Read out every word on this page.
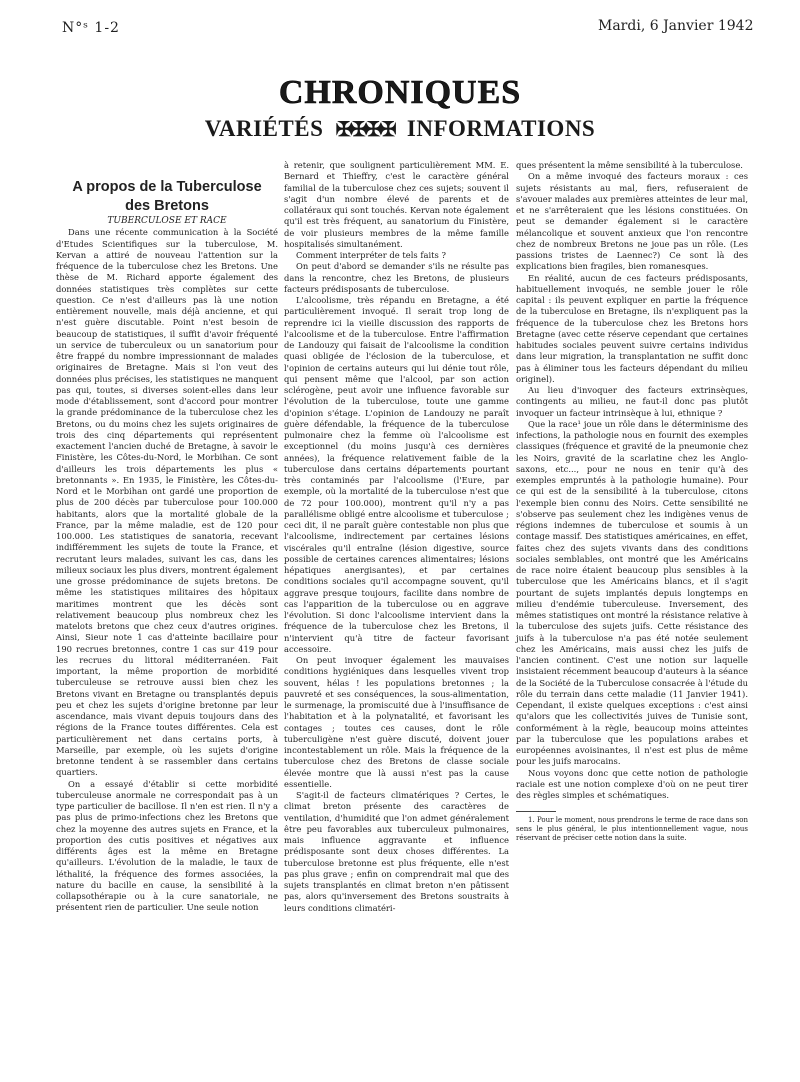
N°ˢ 1-2	Mardi, 6 Janvier 1942
CHRONIQUES
VARIÉTÉS ✠✠✠✠ INFORMATIONS

A propos de la Tuberculose
des Bretons

TUBERCULOSE ET RACE

Dans une récente communication à la Société d'Etudes Scientifiques sur la tuberculose, M. Kervan a attiré de nouveau l'attention sur la fréquence de la tuberculose chez les Bretons. Une thèse de M. Richard apporte également des données statistiques très complètes sur cette question. Ce n'est d'ailleurs pas là une notion entièrement nouvelle, mais déjà ancienne, et qui n'est guère discutable. Point n'est besoin de beaucoup de statistiques, il suffit d'avoir fréquenté un service de tuberculeux ou un sanatorium pour être frappé du nombre impressionnant de malades originaires de Bretagne. Mais si l'on veut des données plus précises, les statistiques ne manquent pas qui, toutes, si diverses soient-elles dans leur mode d'établissement, sont d'accord pour montrer la grande prédominance de la tuberculose chez les Bretons, ou du moins chez les sujets originaires de trois des cinq départements qui représentent exactement l'ancien duché de Bretagne, à savoir le Finistère, les Côtes-du-Nord, le Morbihan. Ce sont d'ailleurs les trois départements les plus « bretonnants ». En 1935, le Finistère, les Côtes-du-Nord et le Morbihan ont gardé une proportion de plus de 200 décès par tuberculose pour 100.000 habitants, alors que la mortalité globale de la France, par la même maladie, est de 120 pour 100.000. Les statistiques de sanatoria, recevant indifféremment les sujets de toute la France, et recrutant leurs malades, suivant les cas, dans les milieux sociaux les plus divers, montrent également une grosse prédominance de sujets bretons. De même les statistiques militaires des hôpitaux maritimes montrent que les décès sont relativement beaucoup plus nombreux chez les matelots bretons que chez ceux d'autres origines. Ainsi, Sieur note 1 cas d'atteinte bacillaire pour 190 recrues bretonnes, contre 1 cas sur 419 pour les recrues du littoral méditerranéen. Fait important, la même proportion de morbidité tuberculeuse se retrouve aussi bien chez les Bretons vivant en Bretagne ou transplantés depuis peu et chez les sujets d'origine bretonne par leur ascendance, mais vivant depuis toujours dans des régions de la France toutes différentes. Cela est particulièrement net dans certains ports, à Marseille, par exemple, où les sujets d'origine bretonne tendent à se rassembler dans certains quartiers.

On a essayé d'établir si cette morbidité tuberculeuse anormale ne correspondait pas à un type particulier de bacillose. Il n'en est rien. Il n'y a pas plus de primo-infections chez les Bretons que chez la moyenne des autres sujets en France, et la proportion des cutis positives et négatives aux différents âges est la même en Bretagne qu'ailleurs. L'évolution de la maladie, le taux de léthalité, la fréquence des formes associées, la nature du bacille en cause, la sensibilité à la collapsothérapie ou à la cure sanatoriale, ne présentent rien de particulier. Une seule notion

à retenir, que soulignent particulièrement MM. E. Bernard et Thieffry, c'est le caractère général familial de la tuberculose chez ces sujets; souvent il s'agit d'un nombre élevé de parents et de collatéraux qui sont touchés. Kervan note également qu'il est très fréquent, au sanatorium du Finistère, de voir plusieurs membres de la même famille hospitalisés simultanément.

Comment interpréter de tels faits ?

On peut d'abord se demander s'ils ne résulte pas dans la rencontre, chez les Bretons, de plusieurs facteurs prédisposants de tuberculose.

L'alcoolisme, très répandu en Bretagne, a été particulièrement invoqué. Il serait trop long de reprendre ici la vieille discussion des rapports de l'alcoolisme et de la tuberculose. Entre l'affirmation de Landouzy qui faisait de l'alcoolisme la condition quasi obligée de l'éclosion de la tuberculose, et l'opinion de certains auteurs qui lui dénie tout rôle, qui pensent même que l'alcool, par son action sclérogène, peut avoir une influence favorable sur l'évolution de la tuberculose, toute une gamme d'opinion s'étage. L'opinion de Landouzy ne paraît guère défendable, la fréquence de la tuberculose pulmonaire chez la femme où l'alcoolisme est exceptionnel (du moins jusqu'à ces dernières années), la fréquence relativement faible de la tuberculose dans certains départements pourtant très contaminés par l'alcoolisme (l'Eure, par exemple, où la mortalité de la tuberculose n'est que de 72 pour 100.000), montrent qu'il n'y a pas parallélisme obligé entre alcoolisme et tuberculose ; ceci dit, il ne paraît guère contestable non plus que l'alcoolisme, indirectement par certaines lésions viscérales qu'il entraîne (lésion digestive, source possible de certaines carences alimentaires; lésions hépatiques anergisantes), et par certaines conditions sociales qu'il accompagne souvent, qu'il aggrave presque toujours, facilite dans nombre de cas l'apparition de la tuberculose ou en aggrave l'évolution. Si donc l'alcoolisme intervient dans la fréquence de la tuberculose chez les Bretons, il n'intervient qu'à titre de facteur favorisant accessoire.

On peut invoquer également les mauvaises conditions hygiéniques dans lesquelles vivent trop souvent, hélas ! les populations bretonnes ; la pauvreté et ses conséquences, la sous-alimentation, le surmenage, la promiscuité due à l'insuffisance de l'habitation et à la polynatalité, et favorisant les contages ; toutes ces causes, dont le rôle tuberculigène n'est guère discuté, doivent jouer incontestablement un rôle. Mais la fréquence de la tuberculose chez des Bretons de classe sociale élevée montre que là aussi n'est pas la cause essentielle.

S'agit-il de facteurs climatériques ? Certes, le climat breton présente des caractères de ventilation, d'humidité que l'on admet généralement être peu favorables aux tuberculeux pulmonaires, mais influence aggravante et influence prédisposante sont deux choses différentes. La tuberculose bretonne est plus fréquente, elle n'est pas plus grave ; enfin on comprendrait mal que des sujets transplantés en climat breton n'en pâtissent pas, alors qu'inversement des Bretons soustraits à leurs conditions climatéri-

ques présentent la même sensibilité à la tuberculose.

On a même invoqué des facteurs moraux : ces sujets résistants au mal, fiers, refuseraient de s'avouer malades aux premières atteintes de leur mal, et ne s'arrêteraient que les lésions constituées. On peut se demander également si le caractère mélancolique et souvent anxieux que l'on rencontre chez de nombreux Bretons ne joue pas un rôle. (Les passions tristes de Laennec?) Ce sont là des explications bien fragiles, bien romanesques.

En réalité, aucun de ces facteurs prédisposants, habituellement invoqués, ne semble jouer le rôle capital : ils peuvent expliquer en partie la fréquence de la tuberculose en Bretagne, ils n'expliquent pas la fréquence de la tuberculose chez les Bretons hors Bretagne (avec cette réserve cependant que certaines habitudes sociales peuvent suivre certains individus dans leur migration, la transplantation ne suffit donc pas à éliminer tous les facteurs dépendant du milieu originel).

Au lieu d'invoquer des facteurs extrinsèques, contingents au milieu, ne faut-il donc pas plutôt invoquer un facteur intrinsèque à lui, ethnique ?

Que la race¹ joue un rôle dans le déterminisme des infections, la pathologie nous en fournit des exemples classiques (fréquence et gravité de la pneumonie chez les Noirs, gravité de la scarlatine chez les Anglo-saxons, etc..., pour ne nous en tenir qu'à des exemples empruntés à la pathologie humaine). Pour ce qui est de la sensibilité à la tuberculose, citons l'exemple bien connu des Noirs. Cette sensibilité ne s'observe pas seulement chez les indigènes venus de régions indemnes de tuberculose et soumis à un contage massif. Des statistiques américaines, en effet, faites chez des sujets vivants dans des conditions sociales semblables, ont montré que les Américains de race noire étaient beaucoup plus sensibles à la tuberculose que les Américains blancs, et il s'agit pourtant de sujets implantés depuis longtemps en milieu d'endémie tuberculeuse. Inversement, des mêmes statistiques ont montré la résistance relative à la tuberculose des sujets juifs. Cette résistance des juifs à la tuberculose n'a pas été notée seulement chez les Américains, mais aussi chez les juifs de l'ancien continent. C'est une notion sur laquelle insistaient récemment beaucoup d'auteurs à la séance de la Société de la Tuberculose consacrée à l'étude du rôle du terrain dans cette maladie (11 Janvier 1941). Cependant, il existe quelques exceptions : c'est ainsi qu'alors que les collectivités juives de Tunisie sont, conformément à la règle, beaucoup moins atteintes par la tuberculose que les populations arabes et européennes avoisinantes, il n'est est plus de même pour les juifs marocains.

Nous voyons donc que cette notion de pathologie raciale est une notion complexe d'où on ne peut tirer des règles simples et schématiques.

1. Pour le moment, nous prendrons le terme de race dans son sens le plus général, le plus intentionnellement vague, nous réservant de préciser cette notion dans la suite.
